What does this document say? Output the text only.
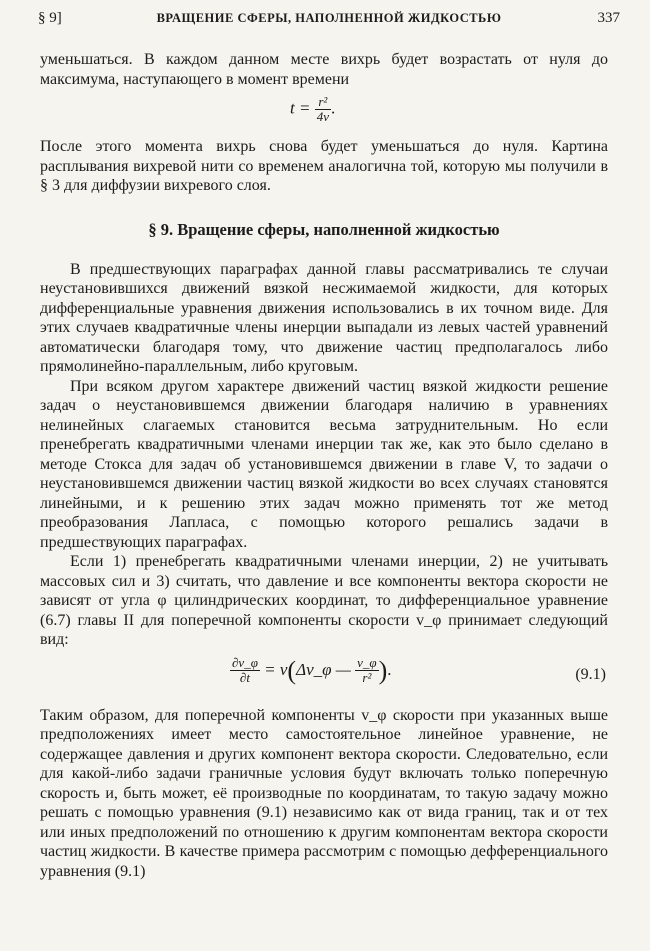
§ 9]	ВРАЩЕНИЕ СФЕРЫ, НАПОЛНЕННОЙ ЖИДКОСТЬЮ	337

уменьшаться. В каждом данном месте вихрь будет возрастать от нуля до максимума, наступающего в момент времени

$t = \frac{\text{r²}}{4\nu}$ .

После этого момента вихрь снова будет уменьшаться до нуля. Картина расплывания вихревой нити со временем аналогична той, которую мы получили в § 3 для диффузии вихревого слоя.

§ 9. Вращение сферы, наполненной жидкостью

В предшествующих параграфах данной главы рассматривались те случаи неустановившихся движений вязкой несжимаемой жидкости, для которых дифференциальные уравнения движения использовались в их точном виде. Для этих случаев квадратичные члены инерции выпадали из левых частей уравнений автоматически благодаря тому, что движение частиц предполагалось либо прямолинейно-параллельным, либо круговым.

При всяком другом характере движений частиц вязкой жидкости решение задач о неустановившемся движении благодаря наличию в уравнениях нелинейных слагаемых становится весьма затруднительным. Но если пренебрегать квадратичными членами инерции так же, как это было сделано в методе Стокса для задач об установившемся движении в главе V, то задачи о неустановившемся движении частиц вязкой жидкости во всех случаях становятся линейными, и к решению этих задач можно применять тот же метод преобразования Лапласа, с помощью которого решались задачи в предшествующих параграфах.

Если 1) пренебрегать квадратичными членами инерции, 2) не учитывать массовых сил и 3) считать, что давление и все компоненты вектора скорости не зависят от угла φ цилиндрических координат, то дифференциальное уравнение (6.7) главы II для поперечной компоненты скорости v_φ принимает следующий вид:

$\frac{\partial v\_\varphi}{\partial t}$ = ν(Δv_φ — $\frac{v\_\varphi}{\text{r²}}$ ).	(9.1)

Таким образом, для поперечной компоненты v_φ скорости при указанных выше предположениях имеет место самостоятельное линейное уравнение, не содержащее давления и других компонент вектора скорости. Следовательно, если для какой-либо задачи граничные условия будут включать только поперечную скорость и, быть может, её производные по координатам, то такую задачу можно решать с помощью уравнения (9.1) независимо как от вида границ, так и от тех или иных предположений по отношению к другим компонентам вектора скорости частиц жидкости. В качестве примера рассмотрим с помощью дефференциального уравнения (9.1)
